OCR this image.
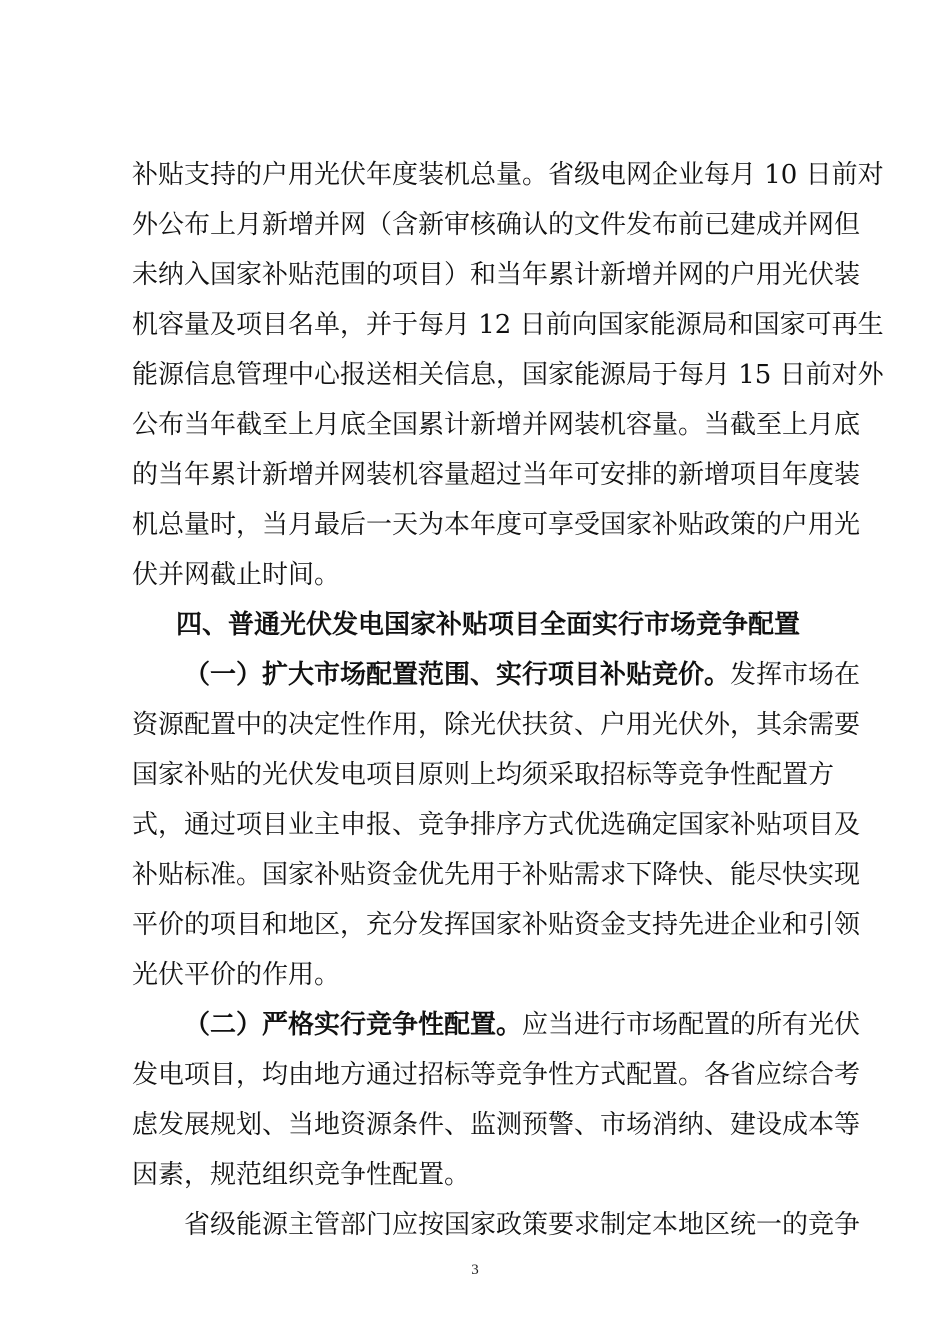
补贴支持的户用光伏年度装机总量。省级电网企业每月 10 日前对
外公布上月新增并网（含新审核确认的文件发布前已建成并网但
未纳入国家补贴范围的项目）和当年累计新增并网的户用光伏装
机容量及项目名单，并于每月 12 日前向国家能源局和国家可再生
能源信息管理中心报送相关信息，国家能源局于每月 15 日前对外
公布当年截至上月底全国累计新增并网装机容量。当截至上月底
的当年累计新增并网装机容量超过当年可安排的新增项目年度装
机总量时，当月最后一天为本年度可享受国家补贴政策的户用光
伏并网截止时间。
四、普通光伏发电国家补贴项目全面实行市场竞争配置
（一）扩大市场配置范围、实行项目补贴竞价。发挥市场在
资源配置中的决定性作用，除光伏扶贫、户用光伏外，其余需要
国家补贴的光伏发电项目原则上均须采取招标等竞争性配置方
式，通过项目业主申报、竞争排序方式优选确定国家补贴项目及
补贴标准。国家补贴资金优先用于补贴需求下降快、能尽快实现
平价的项目和地区，充分发挥国家补贴资金支持先进企业和引领
光伏平价的作用。
（二）严格实行竞争性配置。应当进行市场配置的所有光伏
发电项目，均由地方通过招标等竞争性方式配置。各省应综合考
虑发展规划、当地资源条件、监测预警、市场消纳、建设成本等
因素，规范组织竞争性配置。
省级能源主管部门应按国家政策要求制定本地区统一的竞争
3
